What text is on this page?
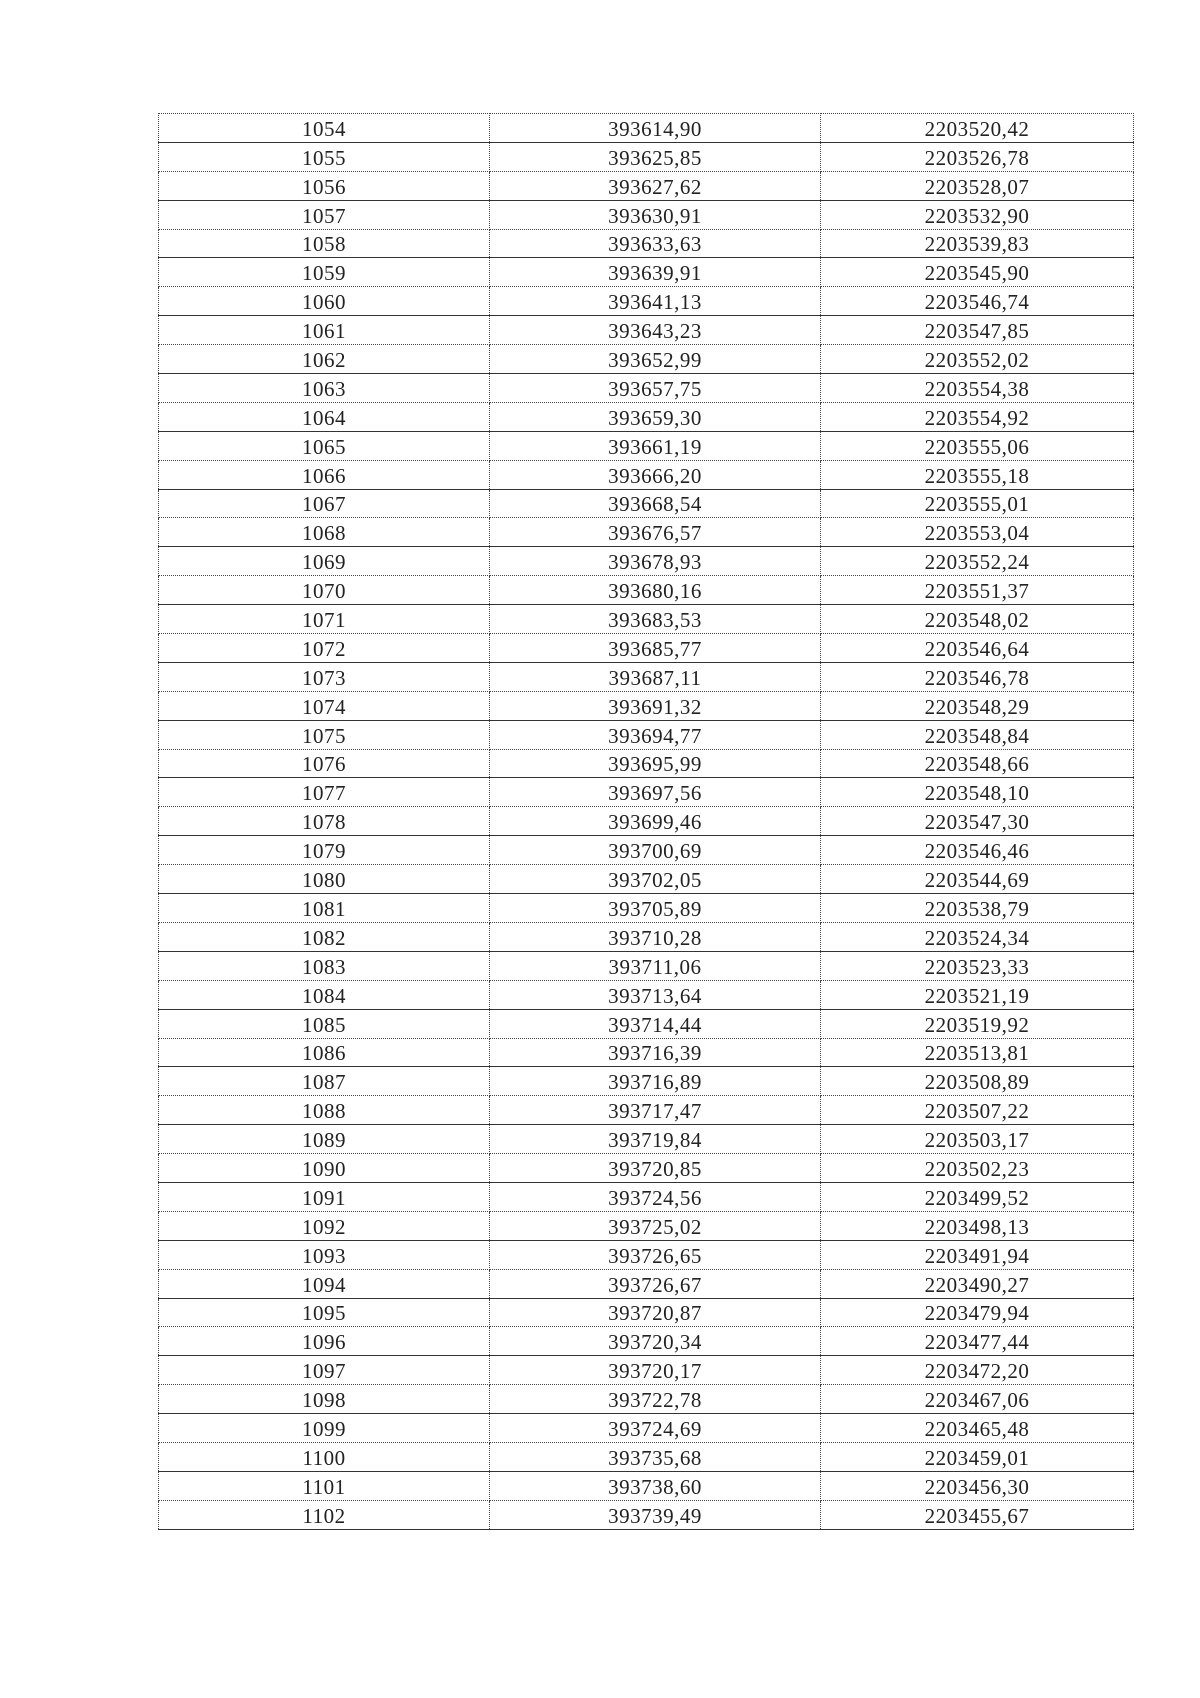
1054	393614,90	2203520,42
1055	393625,85	2203526,78
1056	393627,62	2203528,07
1057	393630,91	2203532,90
1058	393633,63	2203539,83
1059	393639,91	2203545,90
1060	393641,13	2203546,74
1061	393643,23	2203547,85
1062	393652,99	2203552,02
1063	393657,75	2203554,38
1064	393659,30	2203554,92
1065	393661,19	2203555,06
1066	393666,20	2203555,18
1067	393668,54	2203555,01
1068	393676,57	2203553,04
1069	393678,93	2203552,24
1070	393680,16	2203551,37
1071	393683,53	2203548,02
1072	393685,77	2203546,64
1073	393687,11	2203546,78
1074	393691,32	2203548,29
1075	393694,77	2203548,84
1076	393695,99	2203548,66
1077	393697,56	2203548,10
1078	393699,46	2203547,30
1079	393700,69	2203546,46
1080	393702,05	2203544,69
1081	393705,89	2203538,79
1082	393710,28	2203524,34
1083	393711,06	2203523,33
1084	393713,64	2203521,19
1085	393714,44	2203519,92
1086	393716,39	2203513,81
1087	393716,89	2203508,89
1088	393717,47	2203507,22
1089	393719,84	2203503,17
1090	393720,85	2203502,23
1091	393724,56	2203499,52
1092	393725,02	2203498,13
1093	393726,65	2203491,94
1094	393726,67	2203490,27
1095	393720,87	2203479,94
1096	393720,34	2203477,44
1097	393720,17	2203472,20
1098	393722,78	2203467,06
1099	393724,69	2203465,48
1100	393735,68	2203459,01
1101	393738,60	2203456,30
1102	393739,49	2203455,67
